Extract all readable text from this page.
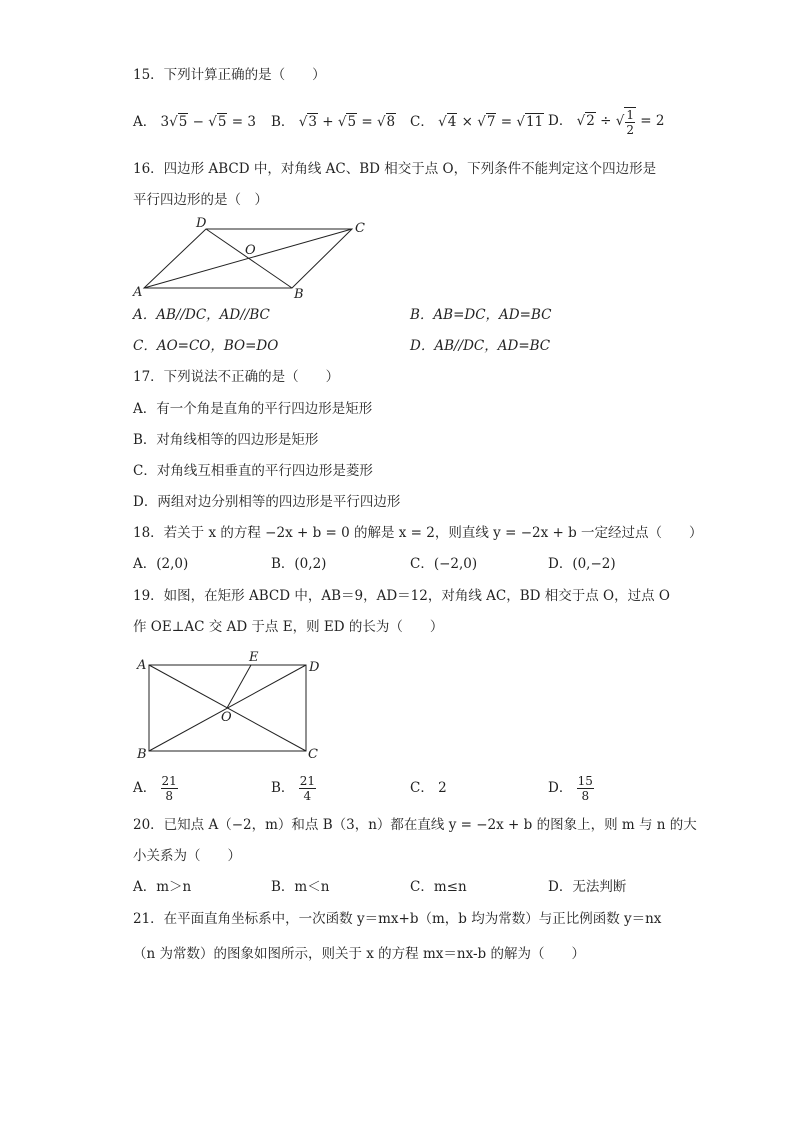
15．下列计算正确的是（　　）
A． 3√5 − √5 = 3 B． √3 + √5 = √8 C． √4 × √7 = √11 D． √2 ÷ √ $\frac{1}{2} = 2$
16．四边形 ABCD 中，对角线 AC、BD 相交于点 O，下列条件不能判定这个四边形是
平行四边形的是（　）
A	B
C
D
O
A．AB//DC，AD//BC	B．AB=DC，AD=BC
C．AO=CO，BO=DO	D．AB//DC，AD=BC
17．下列说法不正确的是（　　）
A．有一个角是直角的平行四边形是矩形
B．对角线相等的四边形是矩形
C．对角线互相垂直的平行四边形是菱形
D．两组对边分别相等的四边形是平行四边形
18．若关于 x 的方程 −2x + b = 0 的解是 x = 2，则直线 y = −2x + b 一定经过点（　　）
A．(2,0)	B．(0,2)	C．(−2,0)	D．(0,−2)
19．如图，在矩形 ABCD 中，AB＝9，AD＝12，对角线 AC，BD 相交于点 O，过点 O
作 OE⊥AC 交 AD 于点 E，则 ED 的长为（　　）
A
B	C
D
E
O
A． $\frac{21}{8}$	B． $\frac{21}{4}$	C． 2	D． $\frac{15}{8}$
20．已知点 A（−2，m）和点 B（3，n）都在直线 y = −2x + b 的图象上，则 m 与 n 的大
小关系为（　　）
A．m＞n	B．m＜n	C．m≤n	D．无法判断
21．在平面直角坐标系中，一次函数 y＝mx+b（m，b 均为常数）与正比例函数 y＝nx
（n 为常数）的图象如图所示，则关于 x 的方程 mx＝nx-b 的解为（　　）
